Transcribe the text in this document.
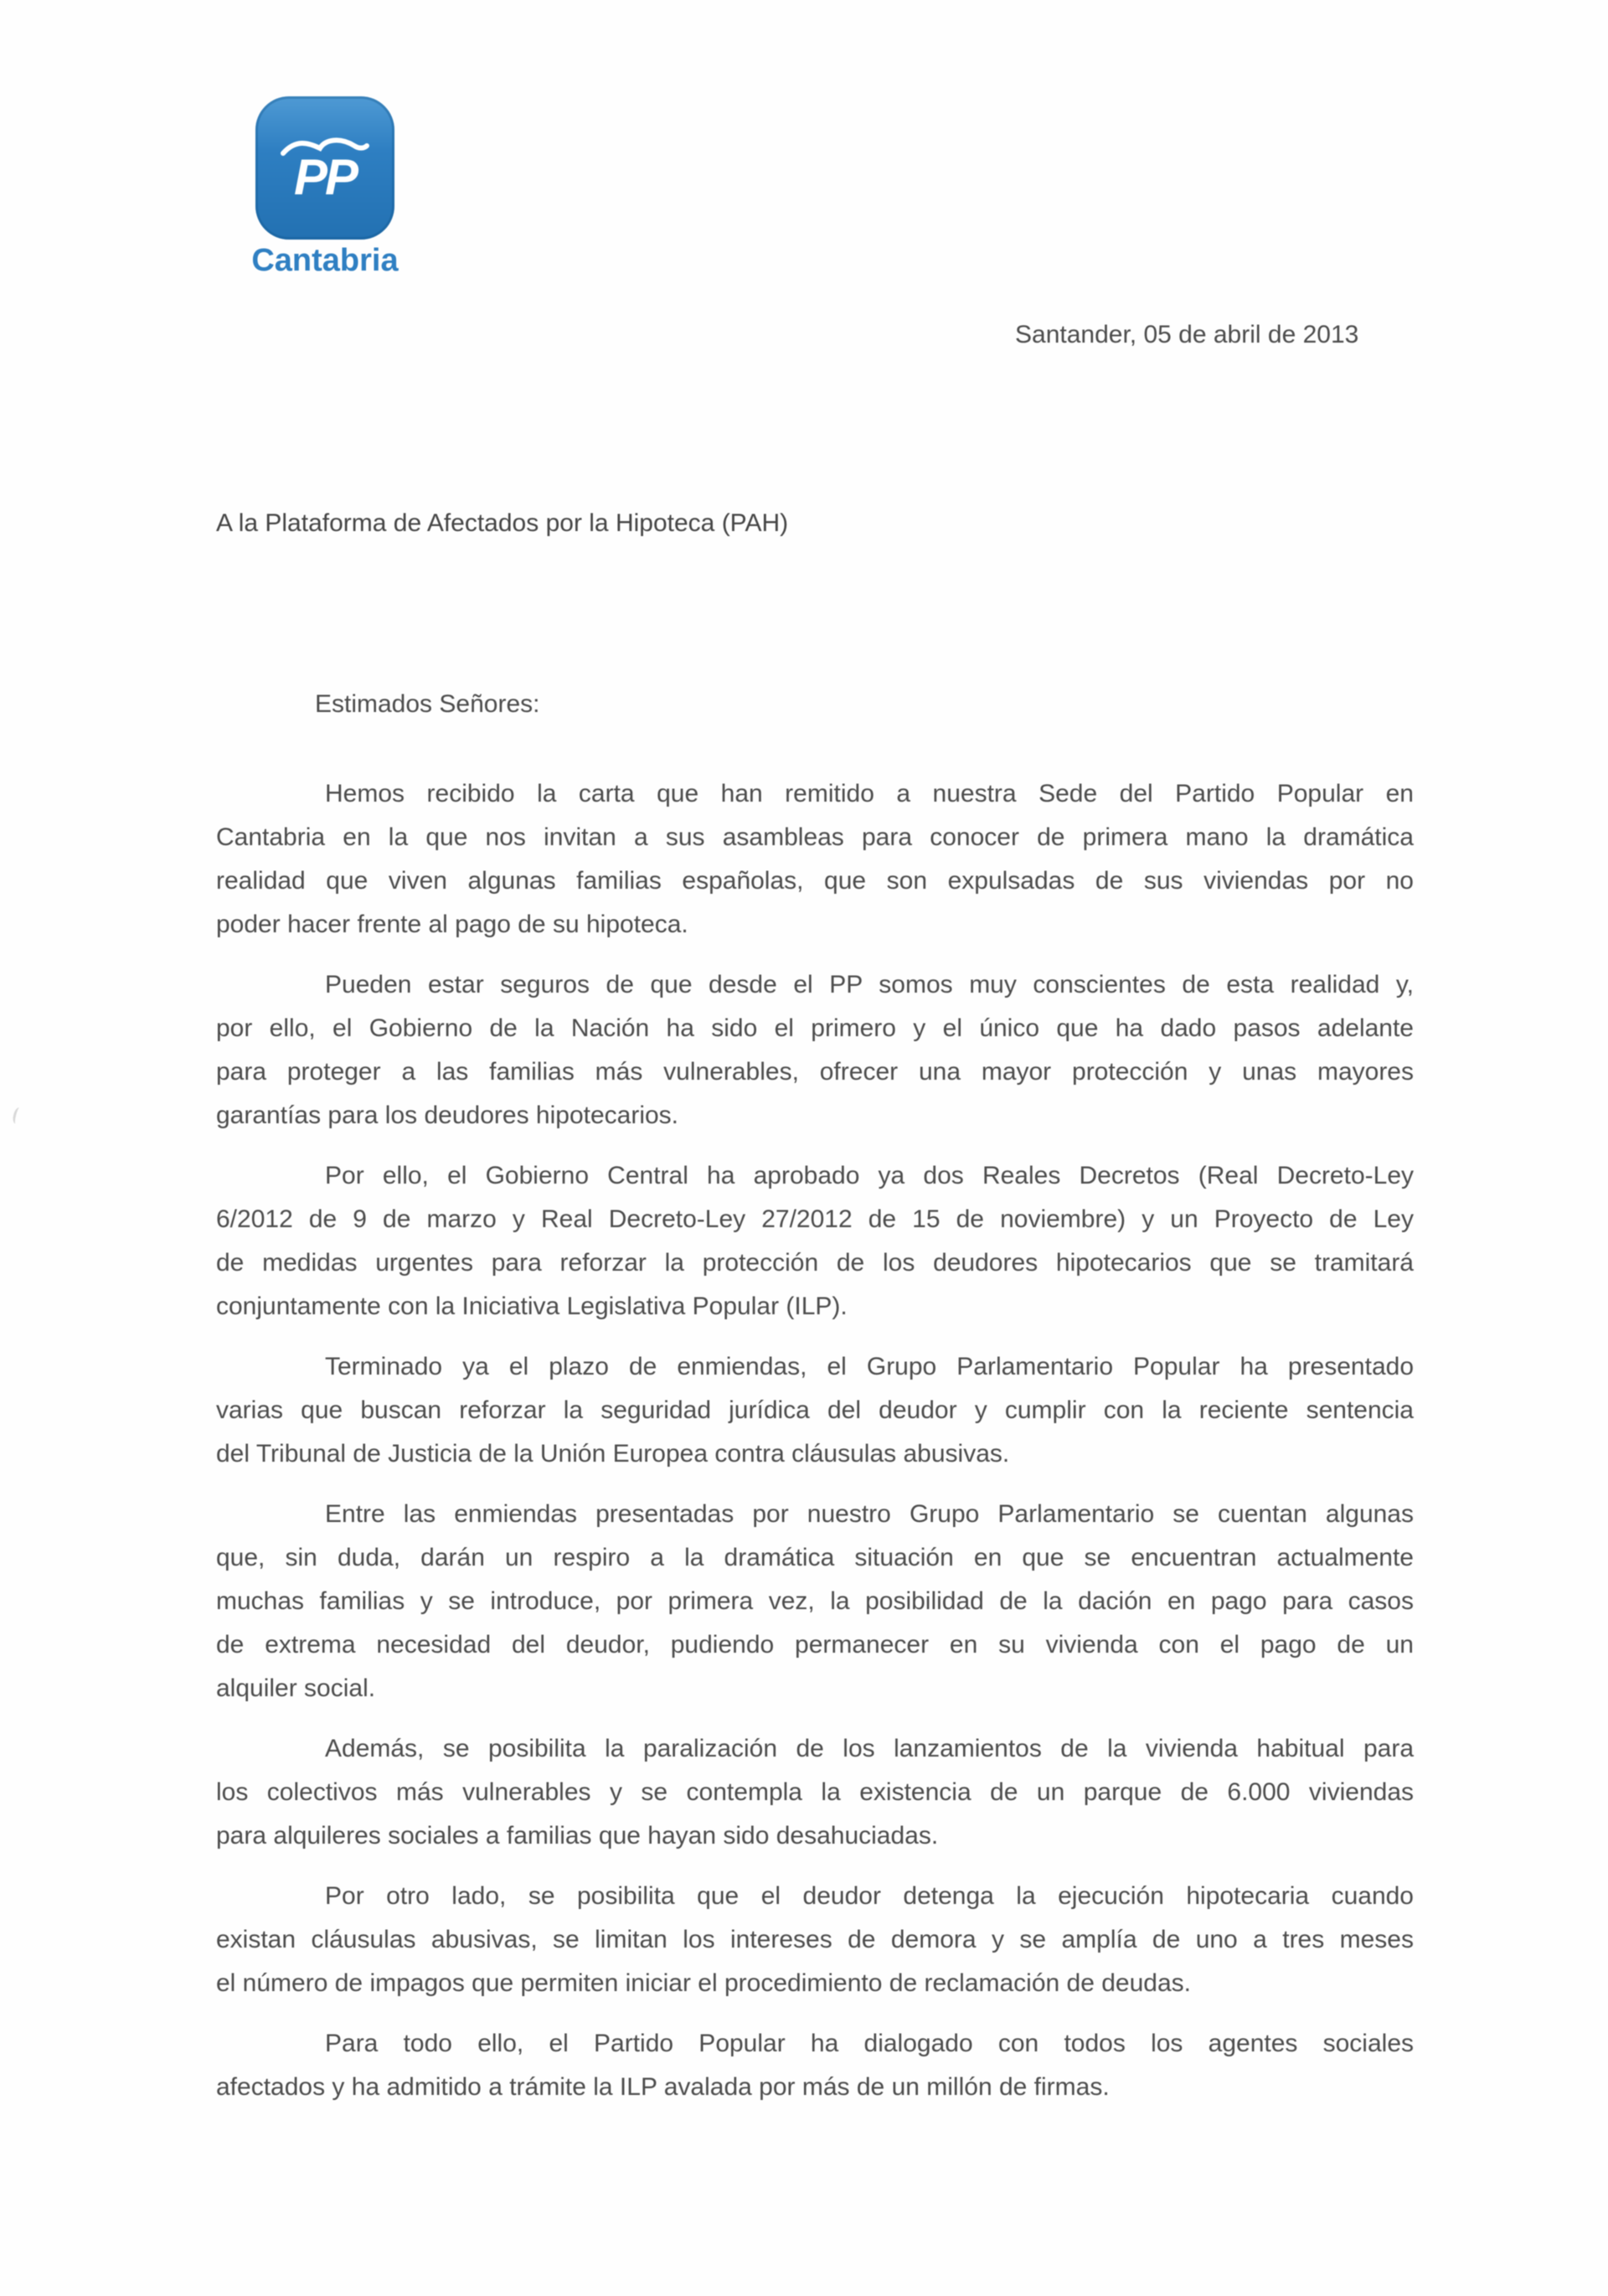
PP
Cantabria
Santander, 05 de abril de 2013
A la Plataforma de Afectados por la Hipoteca (PAH)
Estimados Señores:
Hemos recibido la carta que han remitido a nuestra Sede del Partido Popular en
Cantabria en la que nos invitan a sus asambleas para conocer de primera mano la dramática
realidad que viven algunas familias españolas, que son expulsadas de sus viviendas por no
poder hacer frente al pago de su hipoteca.
Pueden estar seguros de que desde el PP somos muy conscientes de esta realidad y,
por ello, el Gobierno de la Nación ha sido el primero y el único que ha dado pasos adelante
para proteger a las familias más vulnerables, ofrecer una mayor protección y unas mayores
garantías para los deudores hipotecarios.
Por ello, el Gobierno Central ha aprobado ya dos Reales Decretos (Real Decreto-Ley
6/2012 de 9 de marzo y Real Decreto-Ley 27/2012 de 15 de noviembre) y un Proyecto de Ley
de medidas urgentes para reforzar la protección de los deudores hipotecarios que se tramitará
conjuntamente con la Iniciativa Legislativa Popular (ILP).
Terminado ya el plazo de enmiendas, el Grupo Parlamentario Popular ha presentado
varias que buscan reforzar la seguridad jurídica del deudor y cumplir con la reciente sentencia
del Tribunal de Justicia de la Unión Europea contra cláusulas abusivas.
Entre las enmiendas presentadas por nuestro Grupo Parlamentario se cuentan algunas
que, sin duda, darán un respiro a la dramática situación en que se encuentran actualmente
muchas familias y se introduce, por primera vez, la posibilidad de la dación en pago para casos
de extrema necesidad del deudor, pudiendo permanecer en su vivienda con el pago de un
alquiler social.
Además, se posibilita la paralización de los lanzamientos de la vivienda habitual para
los colectivos más vulnerables y se contempla la existencia de un parque de 6.000 viviendas
para alquileres sociales a familias que hayan sido desahuciadas.
Por otro lado, se posibilita que el deudor detenga la ejecución hipotecaria cuando
existan cláusulas abusivas, se limitan los intereses de demora y se amplía de uno a tres meses
el número de impagos que permiten iniciar el procedimiento de reclamación de deudas.
Para todo ello, el Partido Popular ha dialogado con todos los agentes sociales
afectados y ha admitido a trámite la ILP avalada por más de un millón de firmas.
